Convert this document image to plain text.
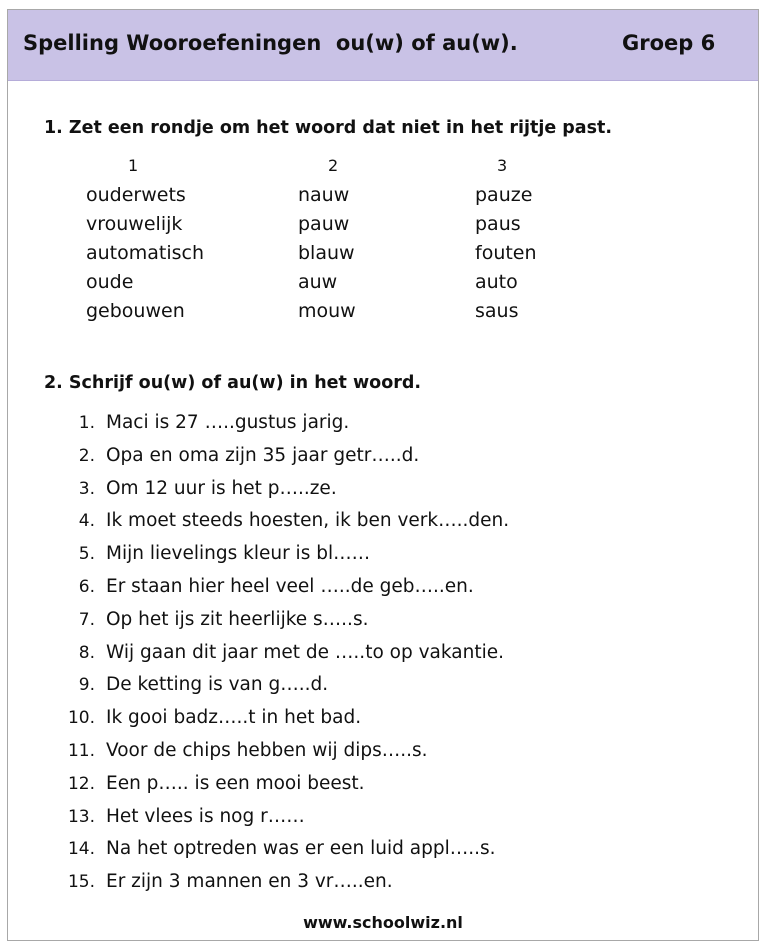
Spelling Wooroefeningen  ou(w) of au(w).	Groep 6
1. Zet een rondje om het woord dat niet in het rijtje past.
1
ouderwets
vrouwelijk
automatisch
oude
gebouwen
2
nauw
pauw
blauw
auw
mouw
3
pauze
paus
fouten
auto
saus
2. Schrijf ou(w) of au(w) in het woord.
1. Maci is 27 …..gustus jarig.
2. Opa en oma zijn 35 jaar getr…..d.
3. Om 12 uur is het p…..ze.
4. Ik moet steeds hoesten, ik ben verk…..den.
5. Mijn lievelings kleur is bl……
6. Er staan hier heel veel …..de geb…..en.
7. Op het ijs zit heerlijke s…..s.
8. Wij gaan dit jaar met de …..to op vakantie.
9. De ketting is van g…..d.
10. Ik gooi badz…..t in het bad.
11. Voor de chips hebben wij dips…..s.
12. Een p….. is een mooi beest.
13. Het vlees is nog r……
14. Na het optreden was er een luid appl…..s.
15. Er zijn 3 mannen en 3 vr…..en.
www.schoolwiz.nl
